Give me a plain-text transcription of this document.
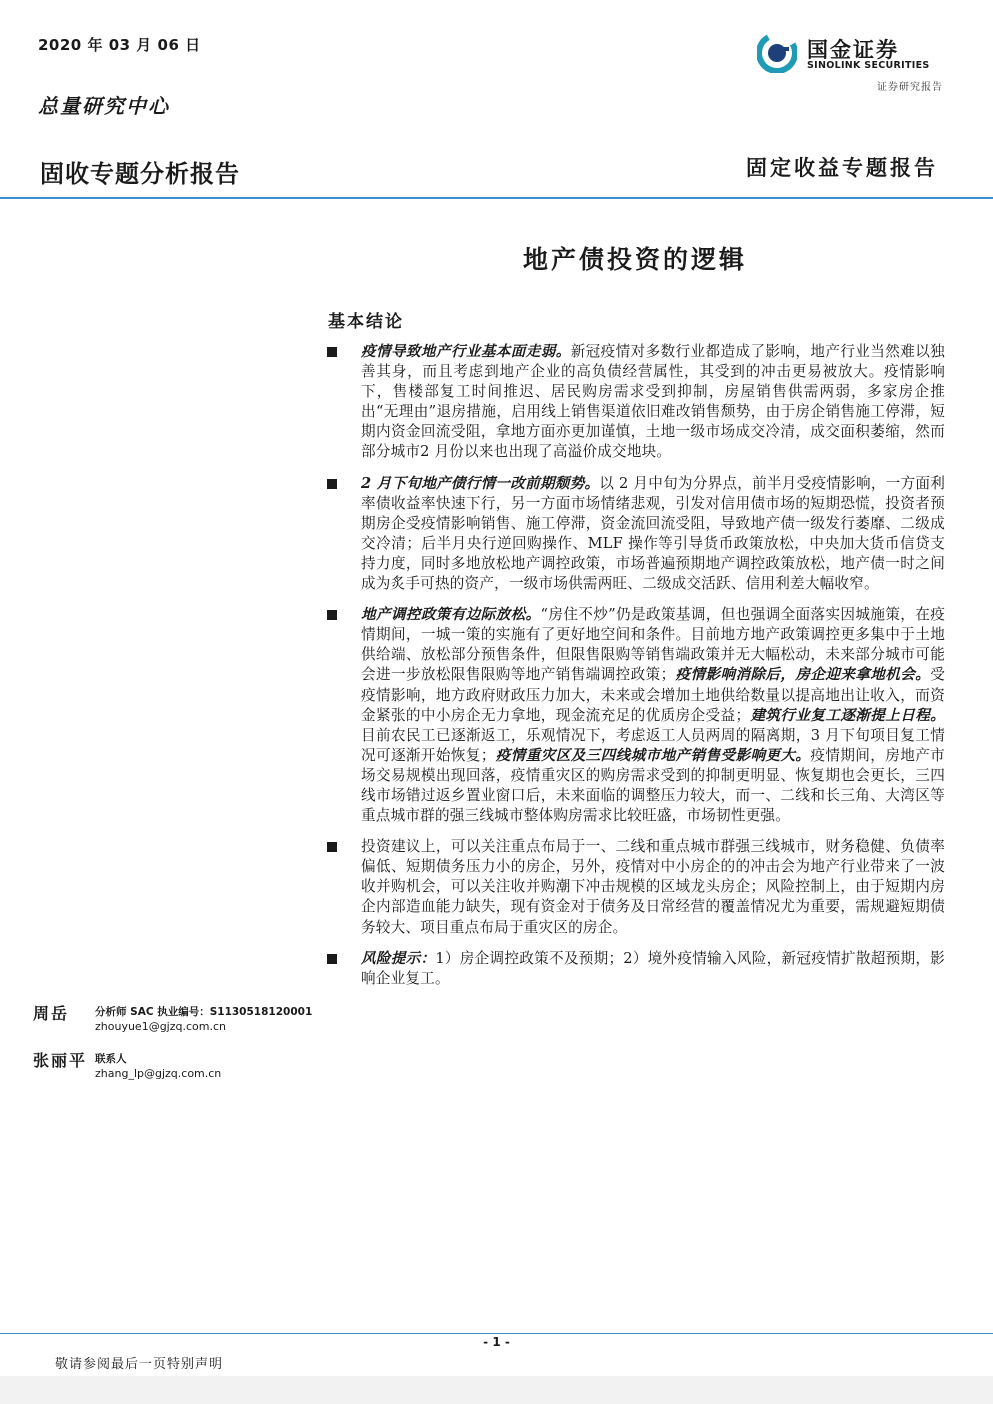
2020 年 03 月 06 日
总量研究中心
固收专题分析报告	固定收益专题报告
国金证券
SINOLINK SECURITIES
证券研究报告
地产债投资的逻辑
基本结论
疫情导致地产行业基本面走弱。新冠疫情对多数行业都造成了影响，地产行业当然难以独善其身，而且考虑到地产企业的高负债经营属性，其受到的冲击更易被放大。疫情影响下，售楼部复工时间推迟、居民购房需求受到抑制，房屋销售供需两弱，多家房企推出“无理由”退房措施，启用线上销售渠道依旧难改销售颓势，由于房企销售施工停滞，短期内资金回流受阻，拿地方面亦更加谨慎，土地一级市场成交冷清，成交面积萎缩，然而部分城市2 月份以来也出现了高溢价成交地块。
2 月下旬地产债行情一改前期颓势。以 2 月中旬为分界点，前半月受疫情影响，一方面利率债收益率快速下行，另一方面市场情绪悲观，引发对信用债市场的短期恐慌，投资者预期房企受疫情影响销售、施工停滞，资金流回流受阻，导致地产债一级发行萎靡、二级成交冷清；后半月央行逆回购操作、MLF 操作等引导货币政策放松，中央加大货币信贷支持力度，同时多地放松地产调控政策，市场普遍预期地产调控政策放松，地产债一时之间成为炙手可热的资产，一级市场供需两旺、二级成交活跃、信用利差大幅收窄。
地产调控政策有边际放松。“房住不炒”仍是政策基调，但也强调全面落实因城施策，在疫情期间，一城一策的实施有了更好地空间和条件。目前地方地产政策调控更多集中于土地供给端、放松部分预售条件，但限售限购等销售端政策并无大幅松动，未来部分城市可能会进一步放松限售限购等地产销售端调控政策；疫情影响消除后，房企迎来拿地机会。受疫情影响，地方政府财政压力加大，未来或会增加土地供给数量以提高地出让收入，而资金紧张的中小房企无力拿地，现金流充足的优质房企受益；建筑行业复工逐渐提上日程。目前农民工已逐渐返工，乐观情况下，考虑返工人员两周的隔离期，3 月下旬项目复工情况可逐渐开始恢复；疫情重灾区及三四线城市地产销售受影响更大。疫情期间，房地产市场交易规模出现回落，疫情重灾区的购房需求受到的抑制更明显、恢复期也会更长，三四线市场错过返乡置业窗口后，未来面临的调整压力较大，而一、二线和长三角、大湾区等重点城市群的强三线城市整体购房需求比较旺盛，市场韧性更强。
投资建议上，可以关注重点布局于一、二线和重点城市群强三线城市，财务稳健、负债率偏低、短期债务压力小的房企，另外，疫情对中小房企的的冲击会为地产行业带来了一波收并购机会，可以关注收并购潮下冲击规模的区域龙头房企；风险控制上，由于短期内房企内部造血能力缺失，现有资金对于债务及日常经营的覆盖情况尤为重要，需规避短期债务较大、项目重点布局于重灾区的房企。
风险提示：1）房企调控政策不及预期；2）境外疫情输入风险，新冠疫情扩散超预期，影响企业复工。
周岳 分析师 SAC 执业编号：S1130518120001
zhouyue1@gjzq.com.cn
张丽平 联系人
zhang_lp@gjzq.com.cn
- 1 -
敬请参阅最后一页特别声明
